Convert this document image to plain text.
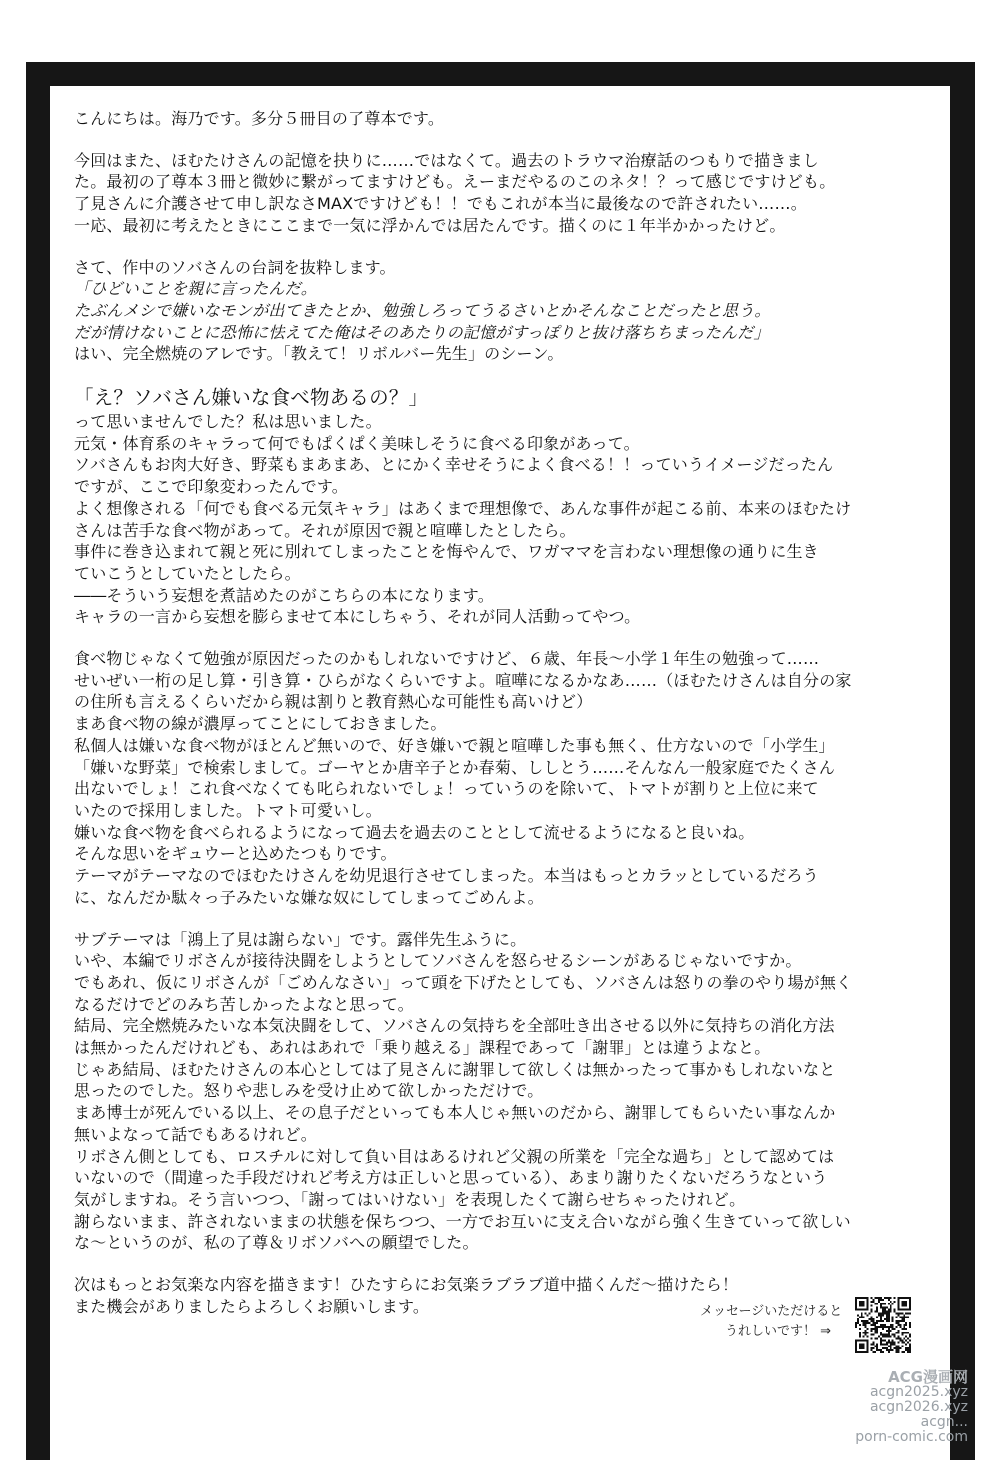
こんにちは。海乃です。多分５冊目の了尊本です。

今回はまた、ほむたけさんの記憶を抉りに……ではなくて。過去のトラウマ治療話のつもりで描きまし

た。最初の了尊本３冊と微妙に繋がってますけども。えーまだやるのこのネタ！？って感じですけども。

了見さんに介護させて申し訳なさMAXですけども！！でもこれが本当に最後なので許されたい……。

一応、最初に考えたときにここまで一気に浮かんでは居たんです。描くのに１年半かかったけど。

さて、作中のソバさんの台詞を抜粋します。

「ひどいことを親に言ったんだ。

たぶんメシで嫌いなモンが出てきたとか、勉強しろってうるさいとかそんなことだったと思う。

だが情けないことに恐怖に怯えてた俺はそのあたりの記憶がすっぽりと抜け落ちちまったんだ」

はい、完全燃焼のアレです。「教えて！リボルバー先生」のシーン。

「え？ソバさん嫌いな食べ物あるの？」

って思いませんでした？私は思いました。

元気・体育系のキャラって何でもぱくぱく美味しそうに食べる印象があって。

ソバさんもお肉大好き、野菜もまあまあ、とにかく幸せそうによく食べる！！っていうイメージだったん

ですが、ここで印象変わったんです。

よく想像される「何でも食べる元気キャラ」はあくまで理想像で、あんな事件が起こる前、本来のほむたけ

さんは苦手な食べ物があって。それが原因で親と喧嘩したとしたら。

事件に巻き込まれて親と死に別れてしまったことを悔やんで、ワガママを言わない理想像の通りに生き

ていこうとしていたとしたら。

――そういう妄想を煮詰めたのがこちらの本になります。

キャラの一言から妄想を膨らませて本にしちゃう、それが同人活動ってやつ。

食べ物じゃなくて勉強が原因だったのかもしれないですけど、６歳、年長～小学１年生の勉強って……

せいぜい一桁の足し算・引き算・ひらがなくらいですよ。喧嘩になるかなあ……（ほむたけさんは自分の家

の住所も言えるくらいだから親は割りと教育熱心な可能性も高いけど）

まあ食べ物の線が濃厚ってことにしておきました。

私個人は嫌いな食べ物がほとんど無いので、好き嫌いで親と喧嘩した事も無く、仕方ないので「小学生」

「嫌いな野菜」で検索しまして。ゴーヤとか唐辛子とか春菊、ししとう……そんなん一般家庭でたくさん

出ないでしょ！これ食べなくても叱られないでしょ！っていうのを除いて、トマトが割りと上位に来て

いたので採用しました。トマト可愛いし。

嫌いな食べ物を食べられるようになって過去を過去のこととして流せるようになると良いね。

そんな思いをギュウーと込めたつもりです。

テーマがテーマなのでほむたけさんを幼児退行させてしまった。本当はもっとカラッとしているだろう

に、なんだか駄々っ子みたいな嫌な奴にしてしまってごめんよ。

サブテーマは「鴻上了見は謝らない」です。露伴先生ふうに。

いや、本編でリボさんが接待決闘をしようとしてソバさんを怒らせるシーンがあるじゃないですか。

でもあれ、仮にリボさんが「ごめんなさい」って頭を下げたとしても、ソバさんは怒りの拳のやり場が無く

なるだけでどのみち苦しかったよなと思って。

結局、完全燃焼みたいな本気決闘をして、ソバさんの気持ちを全部吐き出させる以外に気持ちの消化方法

は無かったんだけれども、あれはあれで「乗り越える」課程であって「謝罪」とは違うよなと。

じゃあ結局、ほむたけさんの本心としては了見さんに謝罪して欲しくは無かったって事かもしれないなと

思ったのでした。怒りや悲しみを受け止めて欲しかっただけで。

まあ博士が死んでいる以上、その息子だといっても本人じゃ無いのだから、謝罪してもらいたい事なんか

無いよなって話でもあるけれど。

リボさん側としても、ロスチルに対して負い目はあるけれど父親の所業を「完全な過ち」として認めては

いないので（間違った手段だけれど考え方は正しいと思っている）、あまり謝りたくないだろうなという

気がしますね。そう言いつつ、「謝ってはいけない」を表現したくて謝らせちゃったけれど。

謝らないまま、許されないままの状態を保ちつつ、一方でお互いに支え合いながら強く生きていって欲しい

な～というのが、私の了尊＆リボソバへの願望でした。

次はもっとお気楽な内容を描きます！ひたすらにお気楽ラブラブ道中描くんだ～描けたら！

また機会がありましたらよろしくお願いします。	メッセージいただけると

うれしいです！ ⇒

ACG漫画网

acgn2025.xyz

acgn2026.xyz

acgn...

porn-comic.com
